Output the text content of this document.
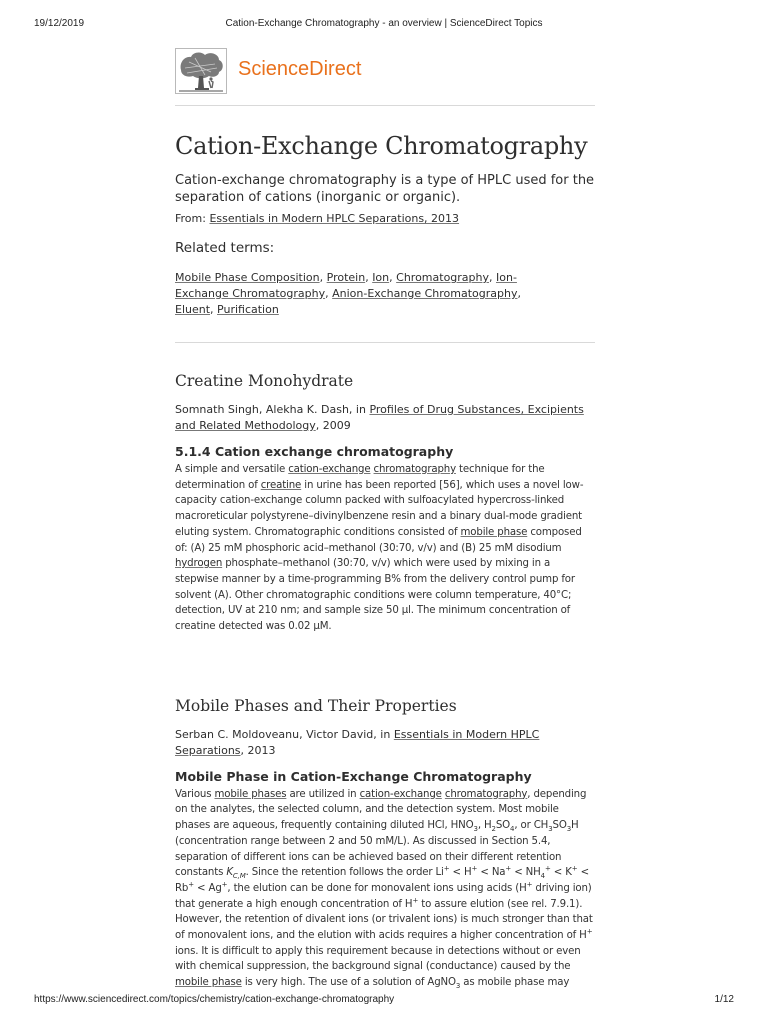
19/12/2019	Cation-Exchange Chromatography - an overview | ScienceDirect Topics
ScienceDirect
Cation-Exchange Chromatography

Cation-exchange chromatography is a type of HPLC used for the separation of cations (inorganic or organic).

From: Essentials in Modern HPLC Separations, 2013

Related terms:
Mobile Phase Composition, Protein, Ion, Chromatography, Ion-Exchange Chromatography, Anion-Exchange Chromatography, Eluent, Purification
Creatine Monohydrate

Somnath Singh, Alekha K. Dash, in Profiles of Drug Substances, Excipients and Related Methodology, 2009

5.1.4 Cation exchange chromatography

A simple and versatile cation-exchange chromatography technique for the determination of creatine in urine has been reported [56], which uses a novel low-capacity cation-exchange column packed with sulfoacylated hypercross-linked macroreticular polystyrene–divinylbenzene resin and a binary dual-mode gradient eluting system. Chromatographic conditions consisted of mobile phase composed of: (A) 25 mM phosphoric acid–methanol (30:70, v/v) and (B) 25 mM disodium hydrogen phosphate–methanol (30:70, v/v) which were used by mixing in a stepwise manner by a time-programming B% from the delivery control pump for solvent (A). Other chromatographic conditions were column temperature, 40°C; detection, UV at 210 nm; and sample size 50 µl. The minimum concentration of creatine detected was 0.02 µM.

Mobile Phases and Their Properties

Serban C. Moldoveanu, Victor David, in Essentials in Modern HPLC Separations, 2013

Mobile Phase in Cation-Exchange Chromatography

Various mobile phases are utilized in cation-exchange chromatography, depending on the analytes, the selected column, and the detection system. Most mobile phases are aqueous, frequently containing diluted HCl, $HNO_3$, $H_2SO_4$, or $CH_3SO_3H$ (concentration range between 2 and 50 mM/L). As discussed in Section 5.4, separation of different ions can be achieved based on their different retention constants $K_{C,M}$. Since the retention follows the order $Li^+ < H^+ < Na^+ < NH_4^+ < K^+ < Rb^+ < Ag^+$, the elution can be done for monovalent ions using acids (H+ driving ion) that generate a high enough concentration of H+ to assure elution (see rel. 7.9.1). However, the retention of divalent ions (or trivalent ions) is much stronger than that of monovalent ions, and the elution with acids requires a higher concentration of H+ ions. It is difficult to apply this requirement because in detections without or even with chemical suppression, the background signal (conductance) caused by the mobile phase is very high. The use of a solution of AgNO$_3$ as mobile phase may

https://www.sciencedirect.com/topics/chemistry/cation-exchange-chromatography	1/12
